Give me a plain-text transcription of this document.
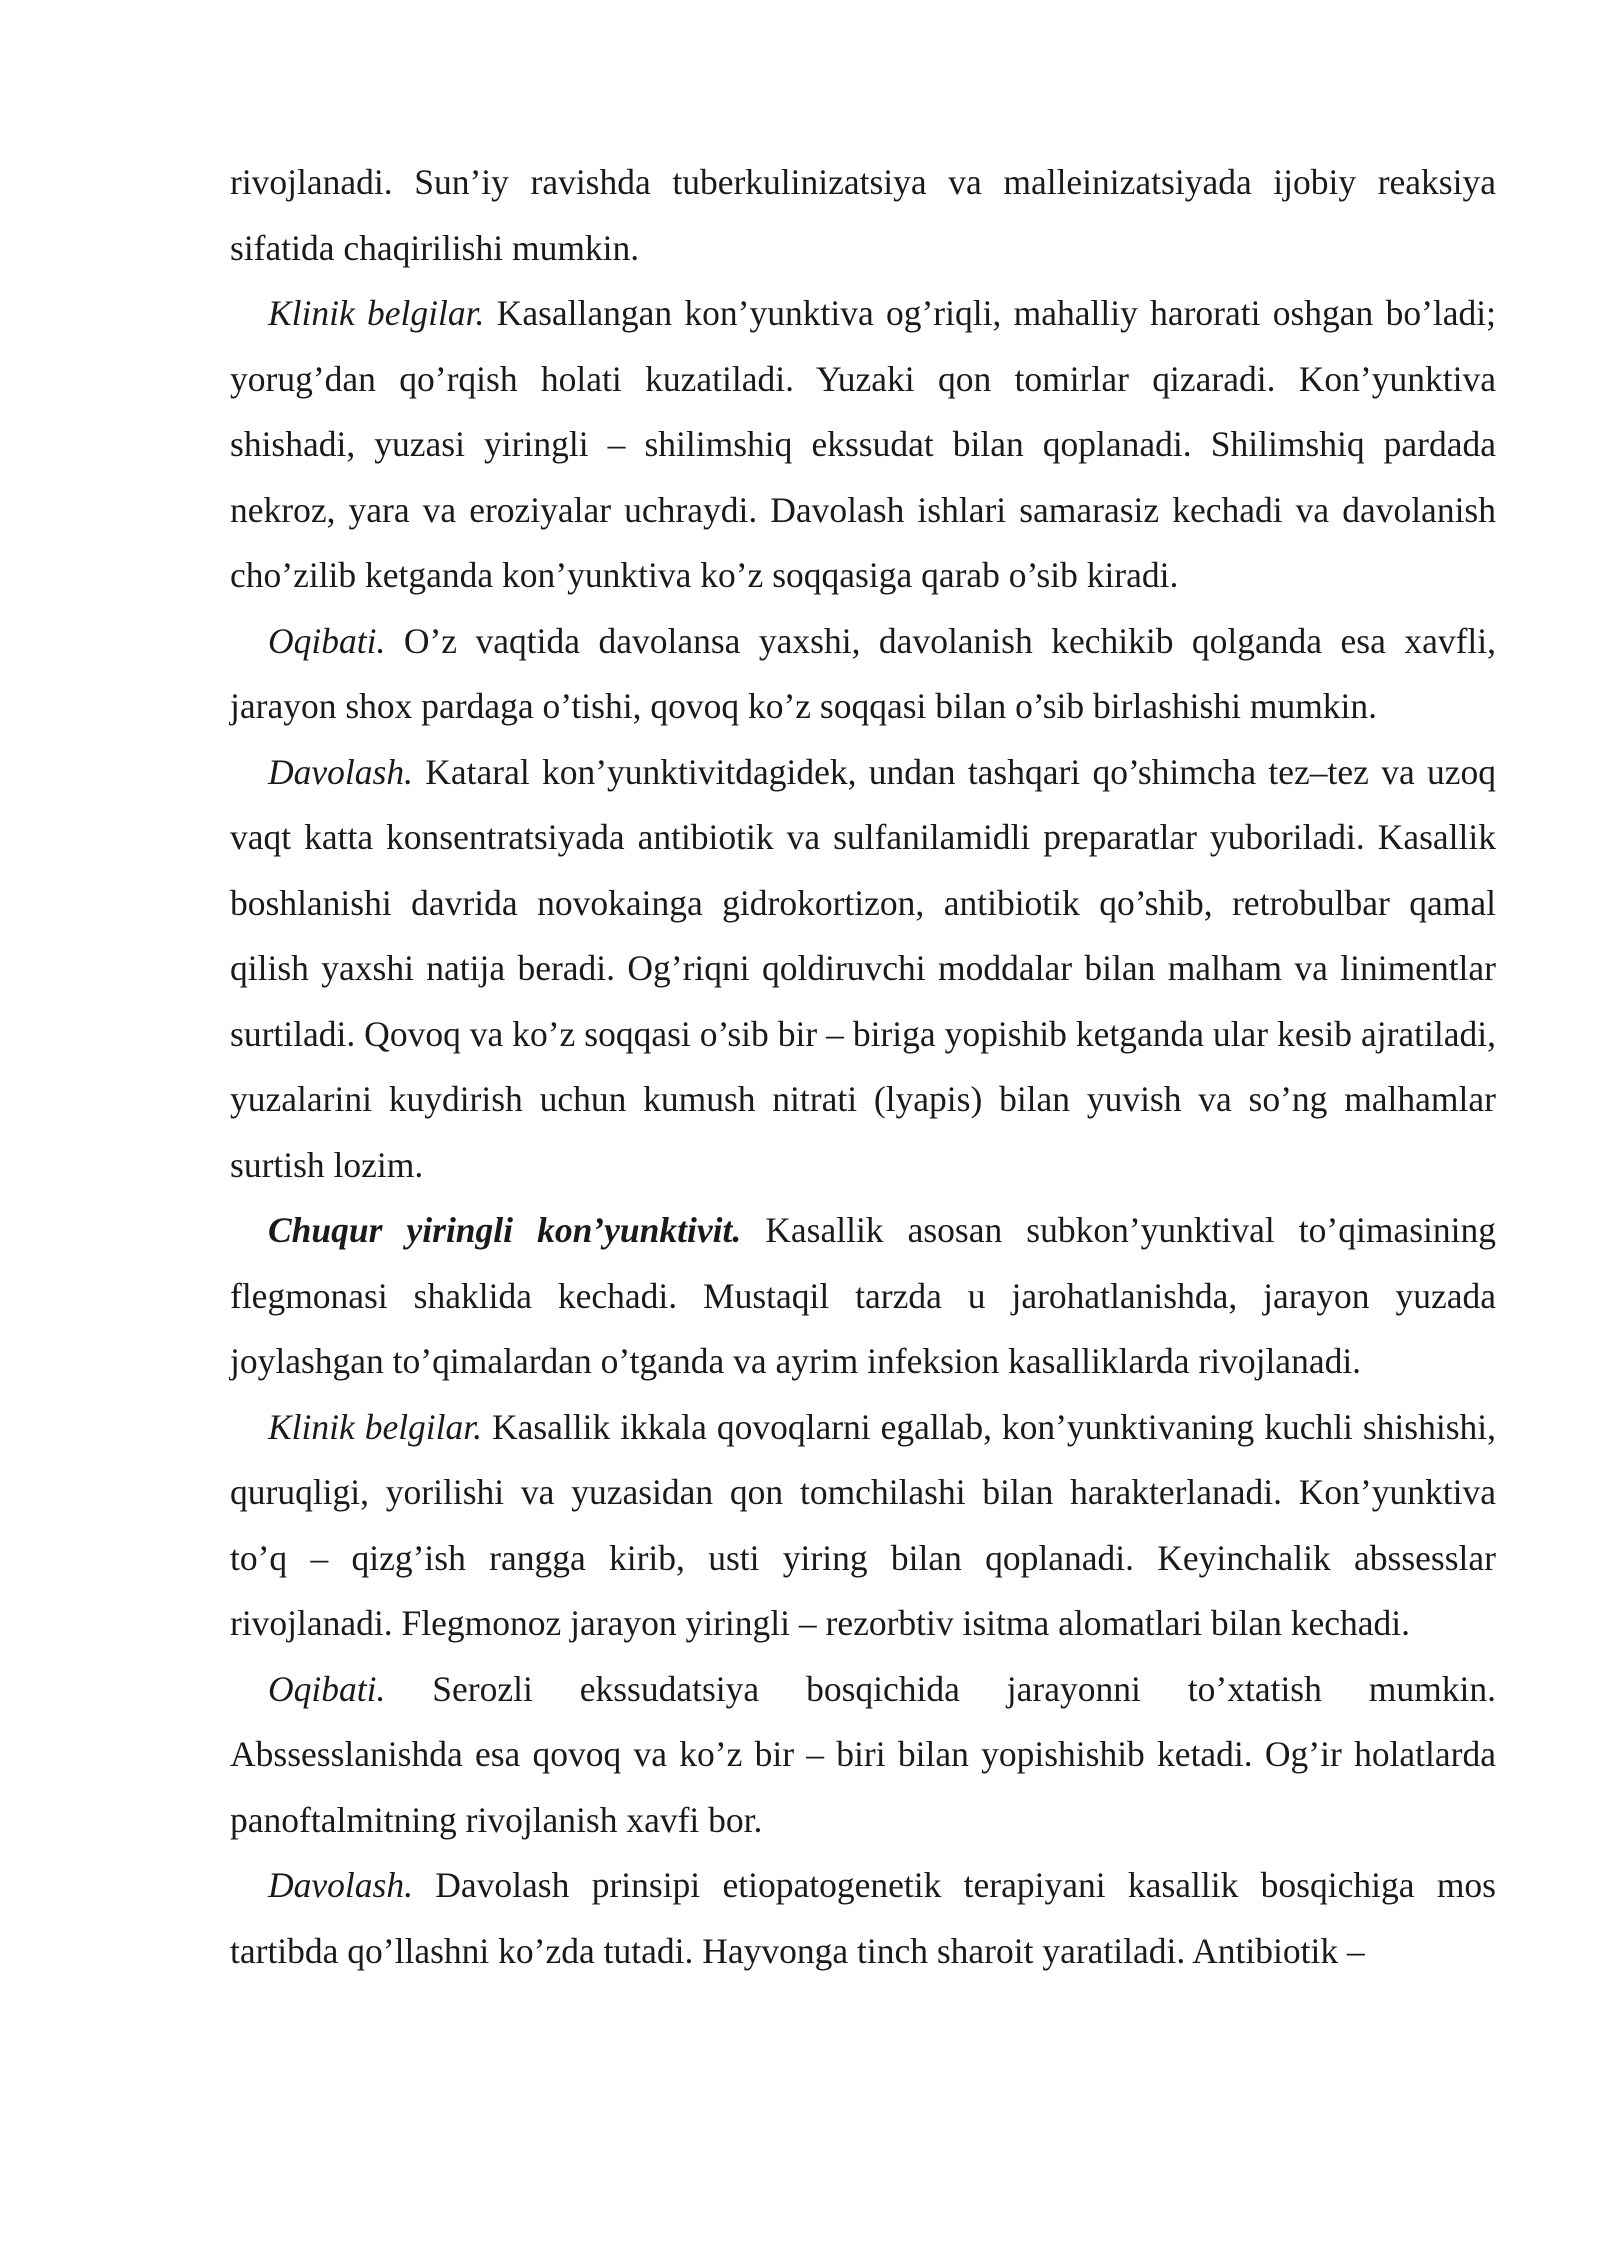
rivojlanadi. Sun’iy ravishda tuberkulinizatsiya va malleinizatsiyada ijobiy reaksiya sifatida chaqirilishi mumkin.

Klinik belgilar. Kasallangan kon’yunktiva og’riqli, mahalliy harorati oshgan bo’ladi; yorug’dan qo’rqish holati kuzatiladi. Yuzaki qon tomirlar qizaradi. Kon’yunktiva shishadi, yuzasi yiringli – shilimshiq ekssudat bilan qoplanadi. Shilimshiq pardada nekroz, yara va eroziyalar uchraydi. Davolash ishlari samarasiz kechadi va davolanish cho’zilib ketganda kon’yunktiva ko’z soqqasiga qarab o’sib kiradi.

Oqibati. O’z vaqtida davolansa yaxshi, davolanish kechikib qolganda esa xavfli, jarayon shox pardaga o’tishi, qovoq ko’z soqqasi bilan o’sib birlashishi mumkin.

Davolash. Kataral kon’yunktivitdagidek, undan tashqari qo’shimcha tez–tez va uzoq vaqt katta konsentratsiyada antibiotik va sulfanilamidli preparatlar yuboriladi. Kasallik boshlanishi davrida novokainga gidrokortizon, antibiotik qo’shib, retrobulbar qamal qilish yaxshi natija beradi. Og’riqni qoldiruvchi moddalar bilan malham va linimentlar surtiladi. Qovoq va ko’z soqqasi o’sib bir – biriga yopishib ketganda ular kesib ajratiladi, yuzalarini kuydirish uchun kumush nitrati (lyapis) bilan yuvish va so’ng malhamlar surtish lozim.

Chuqur yiringli kon’yunktivit. Kasallik asosan subkon’yunktival to’qimasining flegmonasi shaklida kechadi. Mustaqil tarzda u jarohatlanishda, jarayon yuzada joylashgan to’qimalardan o’tganda va ayrim infeksion kasalliklarda rivojlanadi.

Klinik belgilar. Kasallik ikkala qovoqlarni egallab, kon’yunktivaning kuchli shishishi, quruqligi, yorilishi va yuzasidan qon tomchilashi bilan harakterlanadi. Kon’yunktiva to’q – qizg’ish rangga kirib, usti yiring bilan qoplanadi. Keyinchalik abssesslar rivojlanadi. Flegmonoz jarayon yiringli – rezorbtiv isitma alomatlari bilan kechadi.

Oqibati. Serozli ekssudatsiya bosqichida jarayonni to’xtatish mumkin. Abssesslanishda esa qovoq va ko’z bir – biri bilan yopishishib ketadi. Og’ir holatlarda panoftalmitning rivojlanish xavfi bor.

Davolash. Davolash prinsipi etiopatogenetik terapiyani kasallik bosqichiga mos tartibda qo’llashni ko’zda tutadi. Hayvonga tinch sharoit yaratiladi. Antibiotik –
